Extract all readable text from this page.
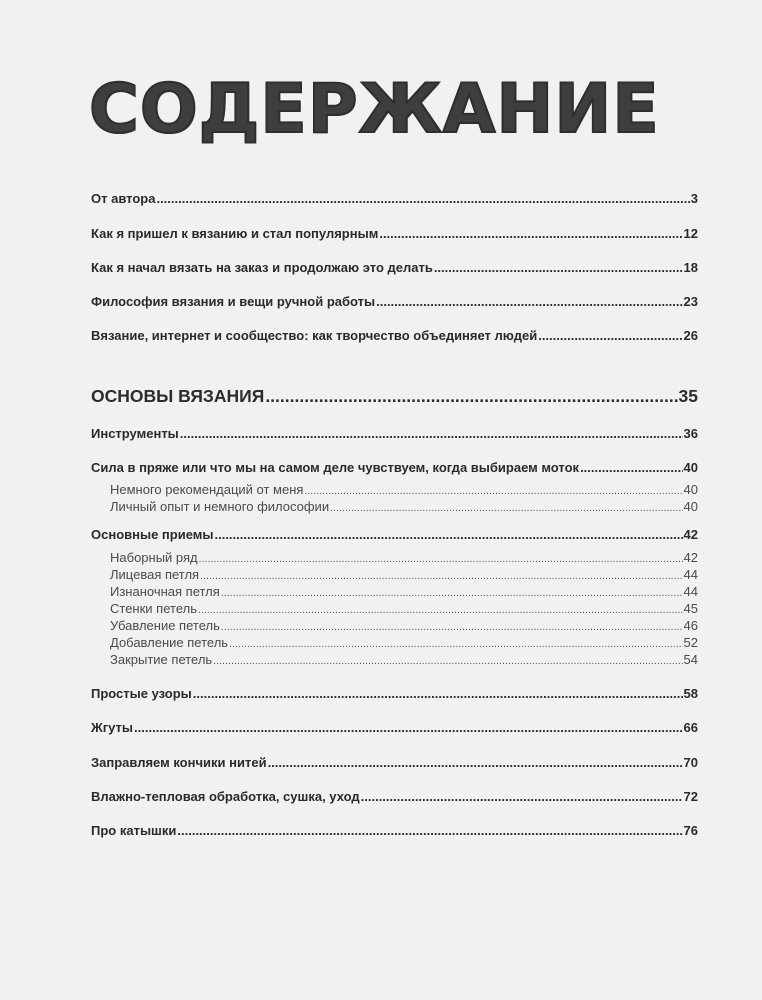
СОДЕРЖАНИЕ
От автора .....	3
Как я пришел к вязанию и стал популярным .....	12
Как я начал вязать на заказ и продолжаю это делать .....	18
Философия вязания и вещи ручной работы .....	23
Вязание, интернет и сообщество: как творчество объединяет людей .....	26
ОСНОВЫ ВЯЗАНИЯ .....	35
Инструменты .....	36
Сила в пряже или что мы на самом деле чувствуем, когда выбираем моток .....	40
Немного рекомендаций от меня .....	40
Личный опыт и немного философии .....	40
Основные приемы .....	42
Наборный ряд .....	42
Лицевая петля .....	44
Изнаночная петля .....	44
Стенки петель .....	45
Убавление петель .....	46
Добавление петель .....	52
Закрытие петель .....	54
Простые узоры .....	58
Жгуты .....	66
Заправляем кончики нитей .....	70
Влажно-тепловая обработка, сушка, уход .....	72
Про катышки .....	76
